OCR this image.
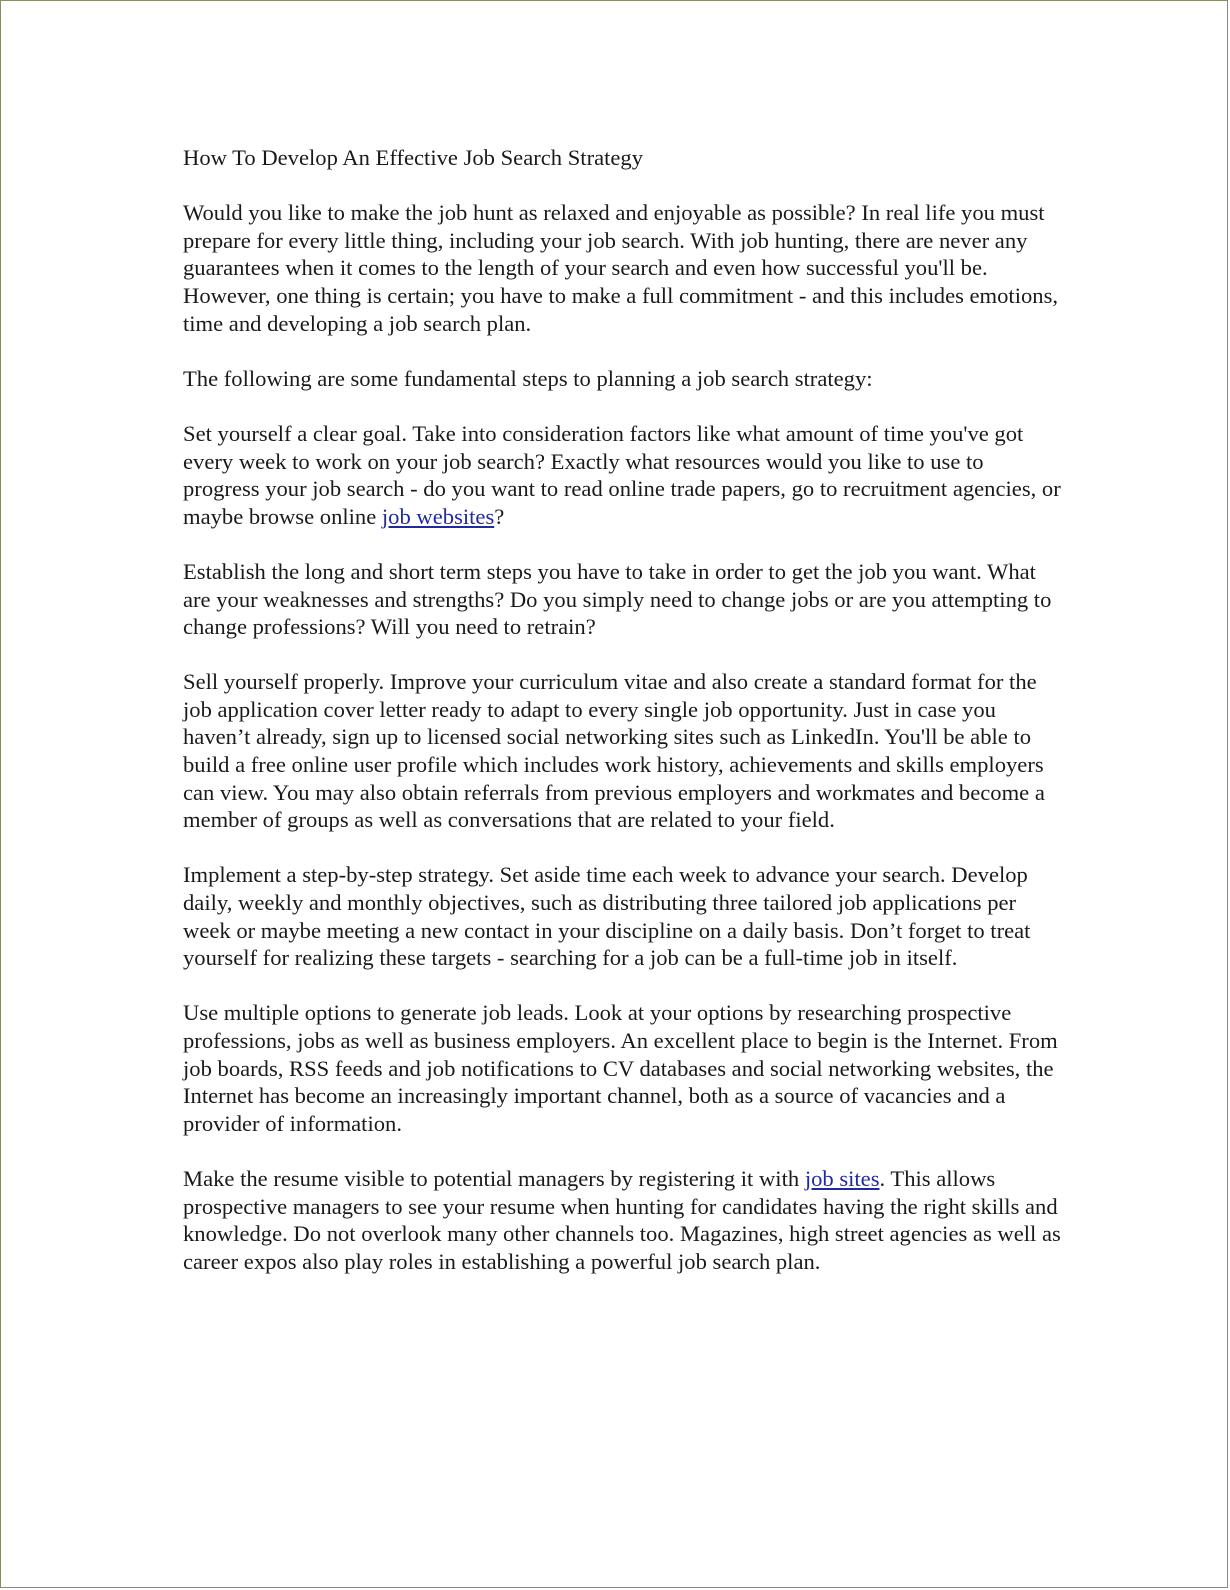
How To Develop An Effective Job Search Strategy

Would you like to make the job hunt as relaxed and enjoyable as possible? In real life you must prepare for every little thing, including your job search. With job hunting, there are never any guarantees when it comes to the length of your search and even how successful you'll be. However, one thing is certain; you have to make a full commitment - and this includes emotions, time and developing a job search plan.

The following are some fundamental steps to planning a job search strategy:

Set yourself a clear goal. Take into consideration factors like what amount of time you've got every week to work on your job search? Exactly what resources would you like to use to progress your job search - do you want to read online trade papers, go to recruitment agencies, or maybe browse online job websites?

Establish the long and short term steps you have to take in order to get the job you want. What are your weaknesses and strengths? Do you simply need to change jobs or are you attempting to change professions? Will you need to retrain?

Sell yourself properly. Improve your curriculum vitae and also create a standard format for the job application cover letter ready to adapt to every single job opportunity. Just in case you haven’t already, sign up to licensed social networking sites such as LinkedIn. You'll be able to build a free online user profile which includes work history, achievements and skills employers can view. You may also obtain referrals from previous employers and workmates and become a member of groups as well as conversations that are related to your field.

Implement a step-by-step strategy. Set aside time each week to advance your search. Develop daily, weekly and monthly objectives, such as distributing three tailored job applications per week or maybe meeting a new contact in your discipline on a daily basis. Don’t forget to treat yourself for realizing these targets - searching for a job can be a full-time job in itself.

Use multiple options to generate job leads. Look at your options by researching prospective professions, jobs as well as business employers. An excellent place to begin is the Internet. From job boards, RSS feeds and job notifications to CV databases and social networking websites, the Internet has become an increasingly important channel, both as a source of vacancies and a provider of information.

Make the resume visible to potential managers by registering it with job sites. This allows prospective managers to see your resume when hunting for candidates having the right skills and knowledge. Do not overlook many other channels too. Magazines, high street agencies as well as career expos also play roles in establishing a powerful job search plan.
